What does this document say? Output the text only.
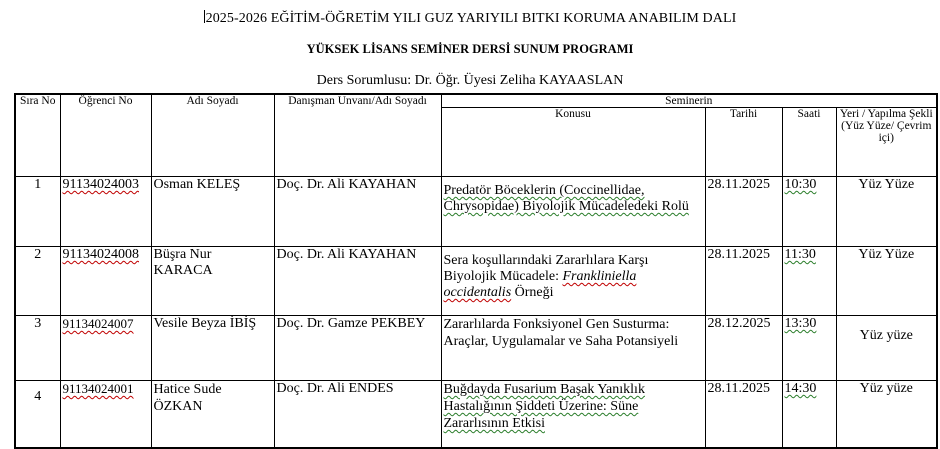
2025-2026 EĞİTİM-ÖĞRETİM YILI GUZ YARIYILI BITKI KORUMA ANABILIM DALI
YÜKSEK LİSANS SEMİNER DERSİ SUNUM PROGRAMI
Ders Sorumlusu: Dr. Öğr. Üyesi Zeliha KAYAASLAN
Sıra No	Öğrenci No	Adı Soyadı	Danışman Unvanı/Adı Soyadı	Seminerin			
				Konusu	Tarihi	Saati	Yeri / Yapılma Şekli (Yüz Yüze/ Çevrim içi)
1	91134024003	Osman KELEŞ	Doç. Dr. Ali KAYAHAN	Predatör Böceklerin (Coccinellidae, Chrysopidae) Biyolojik Mücadeledeki Rolü	28.11.2025	10:30	Yüz Yüze
2	91134024008	Büşra Nur KARACA	Doç. Dr. Ali KAYAHAN	Sera koşullarındaki Zararlılara Karşı Biyolojik Mücadele: Frankliniella occidentalis Örneği	28.11.2025	11:30	Yüz Yüze
3	91134024007	Vesile Beyza İBİŞ	Doç. Dr. Gamze PEKBEY	Zararlılarda Fonksiyonel Gen Susturma: Araçlar, Uygulamalar ve Saha Potansiyeli	28.12.2025	13:30	Yüz yüze
4	91134024001	Hatice Sude ÖZKAN	Doç. Dr. Ali ENDES	Buğdayda Fusarium Başak Yanıklık Hastalığının Şiddeti Üzerine: Süne Zararlısının Etkisi	28.11.2025	14:30	Yüz yüze
